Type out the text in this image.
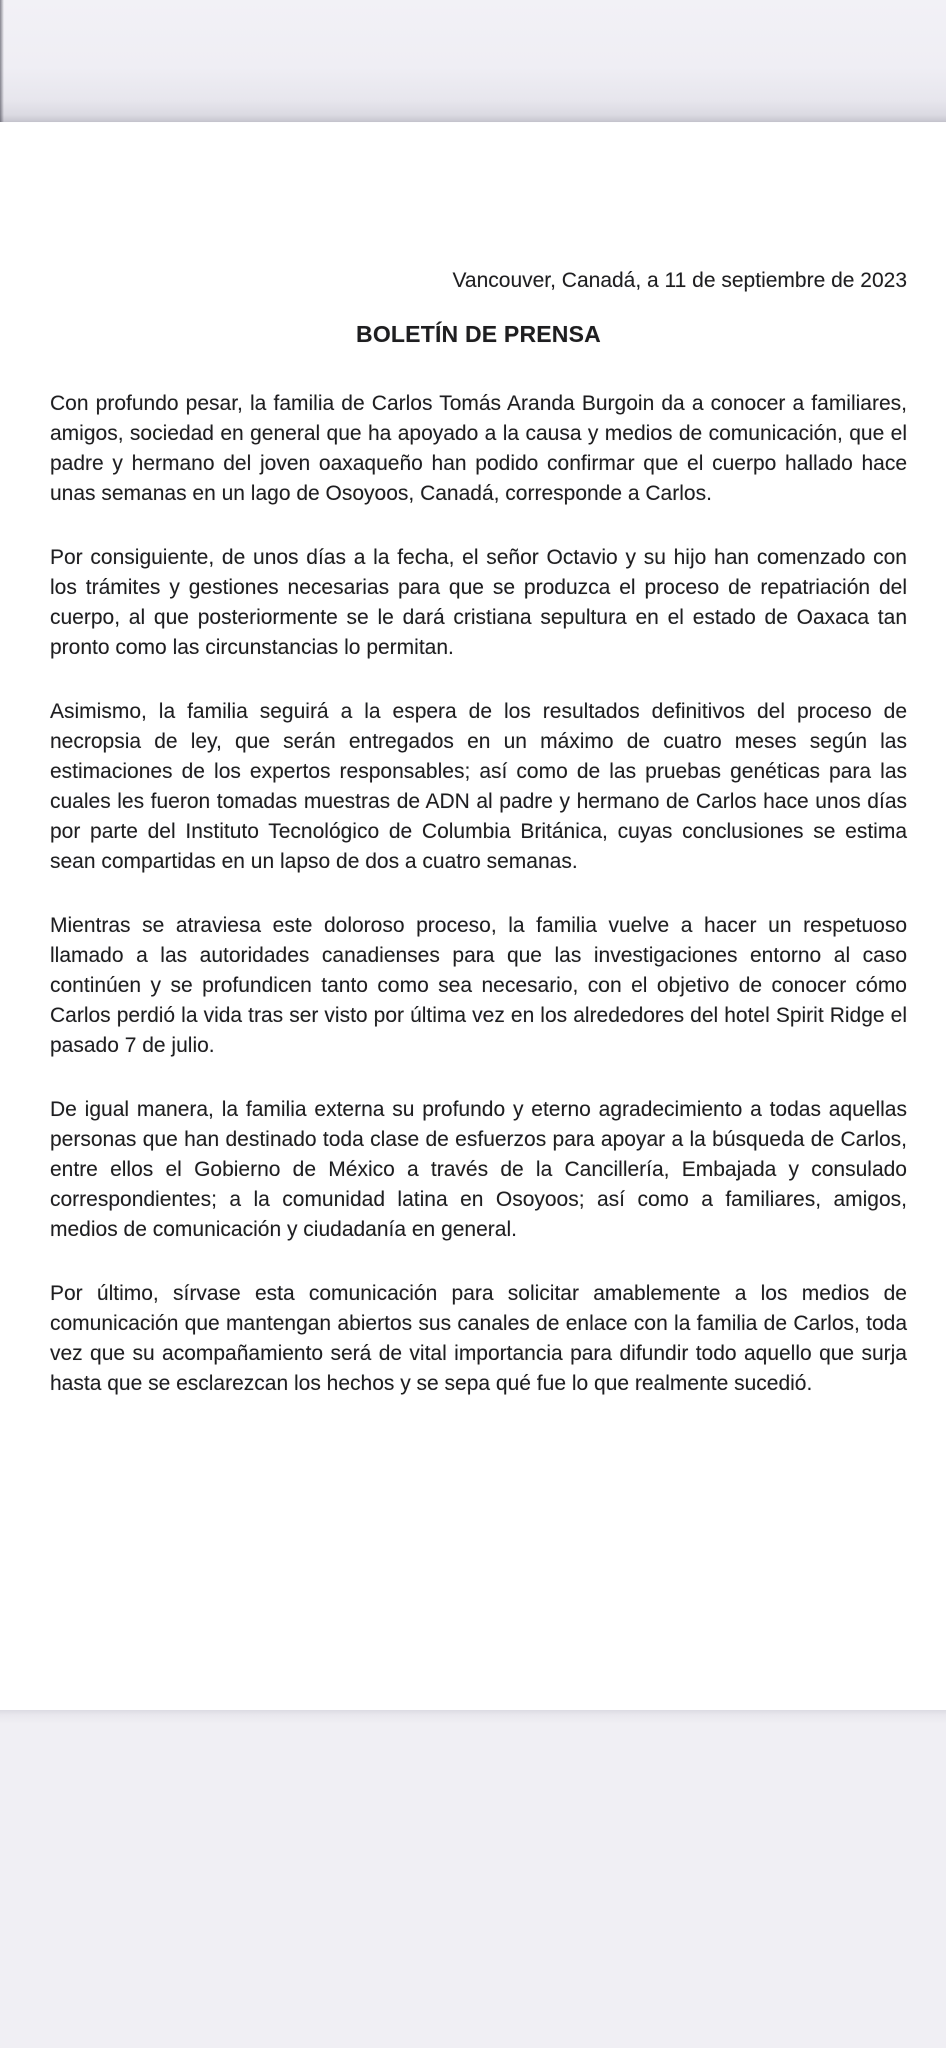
Vancouver, Canadá, a 11 de septiembre de 2023
BOLETÍN DE PRENSA

Con profundo pesar, la familia de Carlos Tomás Aranda Burgoin da a conocer a familiares, amigos, sociedad en general que ha apoyado a la causa y medios de comunicación, que el padre y hermano del joven oaxaqueño han podido confirmar que el cuerpo hallado hace unas semanas en un lago de Osoyoos, Canadá, corresponde a Carlos.

Por consiguiente, de unos días a la fecha, el señor Octavio y su hijo han comenzado con los trámites y gestiones necesarias para que se produzca el proceso de repatriación del cuerpo, al que posteriormente se le dará cristiana sepultura en el estado de Oaxaca tan pronto como las circunstancias lo permitan.

Asimismo, la familia seguirá a la espera de los resultados definitivos del proceso de necropsia de ley, que serán entregados en un máximo de cuatro meses según las estimaciones de los expertos responsables; así como de las pruebas genéticas para las cuales les fueron tomadas muestras de ADN al padre y hermano de Carlos hace unos días por parte del Instituto Tecnológico de Columbia Británica, cuyas conclusiones se estima sean compartidas en un lapso de dos a cuatro semanas.

Mientras se atraviesa este doloroso proceso, la familia vuelve a hacer un respetuoso llamado a las autoridades canadienses para que las investigaciones entorno al caso continúen y se profundicen tanto como sea necesario, con el objetivo de conocer cómo Carlos perdió la vida tras ser visto por última vez en los alrededores del hotel Spirit Ridge el pasado 7 de julio.

De igual manera, la familia externa su profundo y eterno agradecimiento a todas aquellas personas que han destinado toda clase de esfuerzos para apoyar a la búsqueda de Carlos, entre ellos el Gobierno de México a través de la Cancillería, Embajada y consulado correspondientes; a la comunidad latina en Osoyoos; así como a familiares, amigos, medios de comunicación y ciudadanía en general.

Por último, sírvase esta comunicación para solicitar amablemente a los medios de comunicación que mantengan abiertos sus canales de enlace con la familia de Carlos, toda vez que su acompañamiento será de vital importancia para difundir todo aquello que surja hasta que se esclarezcan los hechos y se sepa qué fue lo que realmente sucedió.
